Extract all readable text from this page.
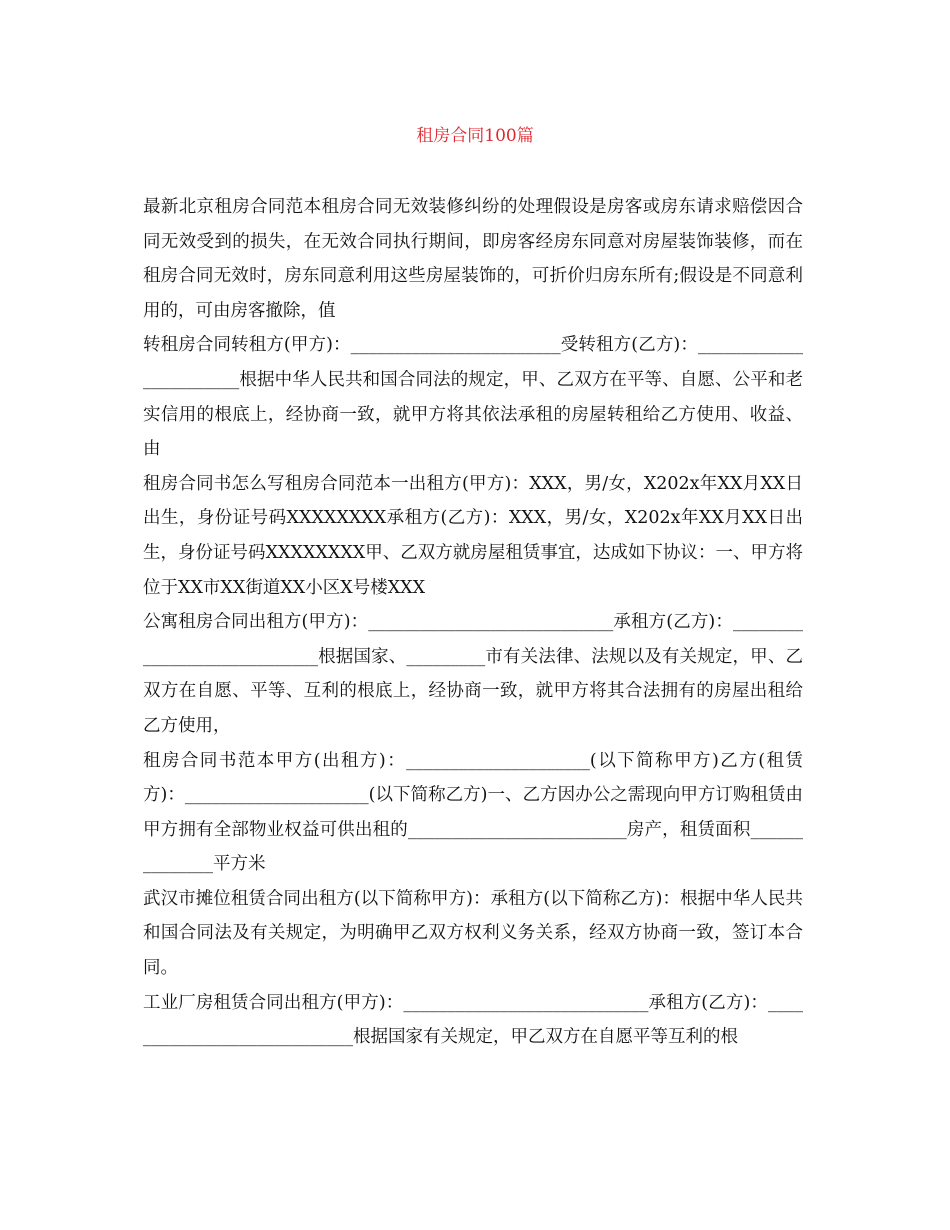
租房合同100篇

最新北京租房合同范本租房合同无效装修纠纷的处理假设是房客或房东请求赔偿因合同无效受到的损失，在无效合同执行期间，即房客经房东同意对房屋装饰装修，而在租房合同无效时，房东同意利用这些房屋装饰的，可折价归房东所有;假设是不同意利用的，可由房客撤除，值

转租房合同转租方(甲方)：________________________受转租方(乙方)：_______________________根据中华人民共和国合同法的规定，甲、乙双方在平等、自愿、公平和老实信用的根底上，经协商一致，就甲方将其依法承租的房屋转租给乙方使用、收益、由

租房合同书怎么写租房合同范本一出租方(甲方)：XXX，男/女，X202x年XX月XX日出生，身份证号码XXXXXXXX承租方(乙方)：XXX，男/女，X202x年XX月XX日出生，身份证号码XXXXXXXX甲、乙双方就房屋租赁事宜，达成如下协议：一、甲方将位于XX市XX街道XX小区X号楼XXX

公寓租房合同出租方(甲方)：____________________________承租方(乙方)：____________________________根据国家、_________市有关法律、法规以及有关规定，甲、乙双方在自愿、平等、互利的根底上，经协商一致，就甲方将其合法拥有的房屋出租给乙方使用，

租房合同书范本甲方(出租方)：_____________________(以下简称甲方)乙方(租赁方)：_____________________(以下简称乙方)一、乙方因办公之需现向甲方订购租赁由甲方拥有全部物业权益可供出租的_________________________房产，租赁面积______________平方米

武汉市摊位租赁合同出租方(以下简称甲方)：承租方(以下简称乙方)：根据中华人民共和国合同法及有关规定，为明确甲乙双方权利义务关系，经双方协商一致，签订本合同。

工业厂房租赁合同出租方(甲方)：____________________________承租方(乙方)：____________________________根据国家有关规定，甲乙双方在自愿平等互利的根
